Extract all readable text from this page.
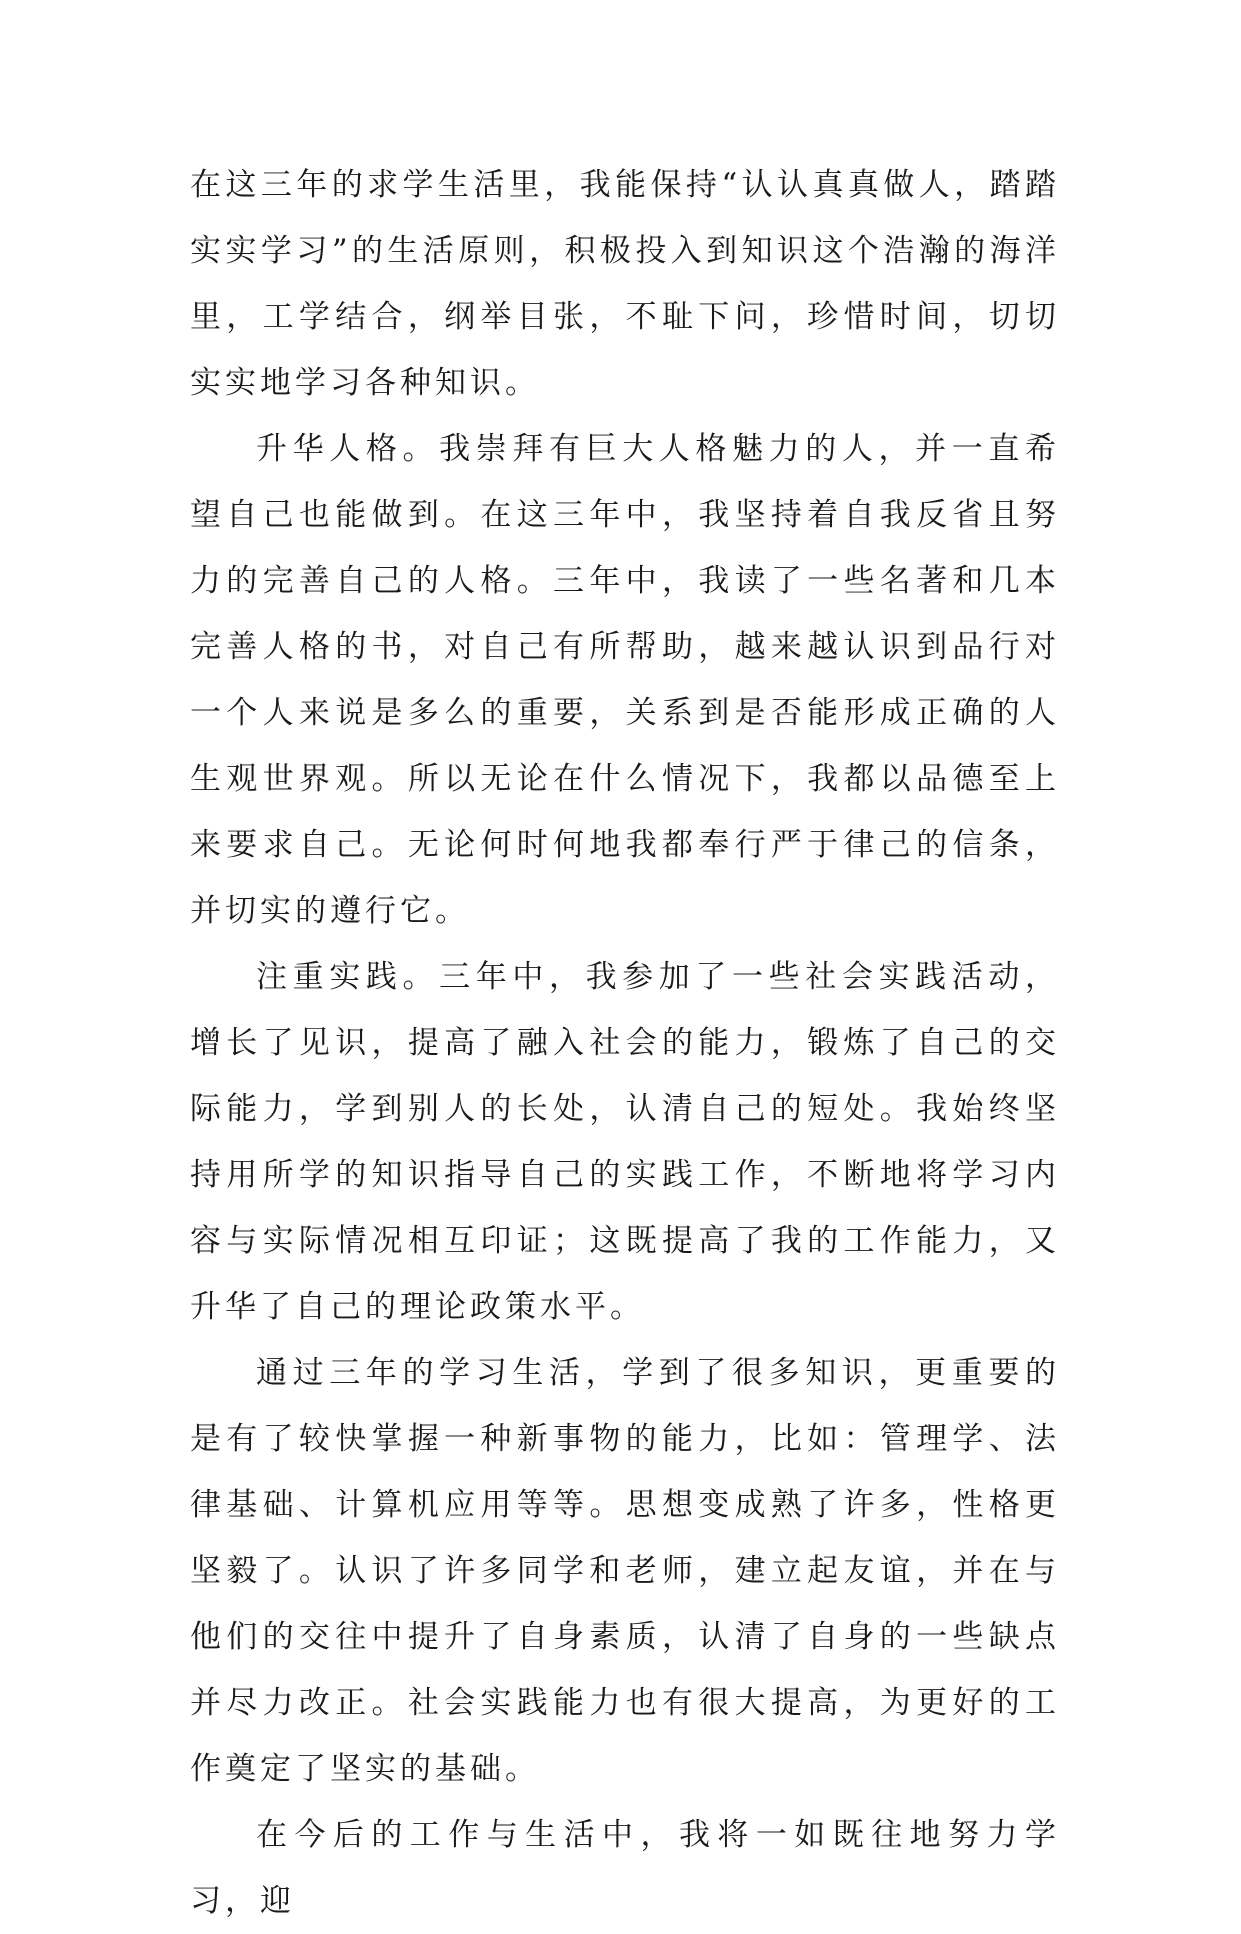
在这三年的求学生活里，我能保持“认认真真做人，踏踏实实学习”的生活原则，积极投入到知识这个浩瀚的海洋里，工学结合，纲举目张，不耻下问，珍惜时间，切切实实地学习各种知识。

升华人格。我崇拜有巨大人格魅力的人，并一直希望自己也能做到。在这三年中，我坚持着自我反省且努力的完善自己的人格。三年中，我读了一些名著和几本完善人格的书，对自己有所帮助，越来越认识到品行对一个人来说是多么的重要，关系到是否能形成正确的人生观世界观。所以无论在什么情况下，我都以品德至上来要求自己。无论何时何地我都奉行严于律己的信条，并切实的遵行它。

注重实践。三年中，我参加了一些社会实践活动，增长了见识，提高了融入社会的能力，锻炼了自己的交际能力，学到别人的长处，认清自己的短处。我始终坚持用所学的知识指导自己的实践工作，不断地将学习内容与实际情况相互印证；这既提高了我的工作能力，又升华了自己的理论政策水平。

通过三年的学习生活，学到了很多知识，更重要的是有了较快掌握一种新事物的能力，比如：管理学、法律基础、计算机应用等等。思想变成熟了许多，性格更坚毅了。认识了许多同学和老师，建立起友谊，并在与他们的交往中提升了自身素质，认清了自身的一些缺点并尽力改正。社会实践能力也有很大提高，为更好的工作奠定了坚实的基础。

在今后的工作与生活中，我将一如既往地努力学习，迎
